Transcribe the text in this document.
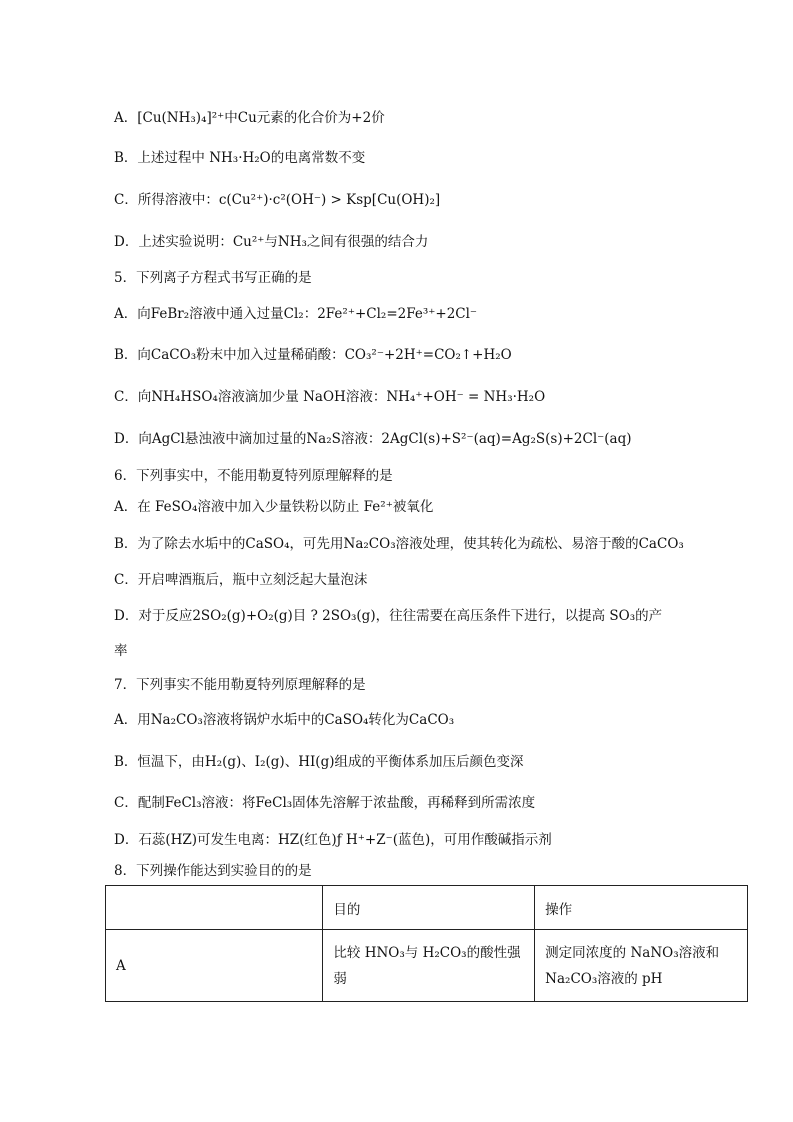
A．[Cu(NH₃)₄]²⁺中Cu元素的化合价为+2价
B．上述过程中 NH₃·H₂O的电离常数不变
C．所得溶液中：c(Cu²⁺)·c²(OH⁻) > Ksp[Cu(OH)₂]
D．上述实验说明：Cu²⁺与NH₃之间有很强的结合力
5．下列离子方程式书写正确的是
A．向FeBr₂溶液中通入过量Cl₂：2Fe²⁺+Cl₂=2Fe³⁺+2Cl⁻
B．向CaCO₃粉末中加入过量稀硝酸：CO₃²⁻+2H⁺=CO₂↑+H₂O
C．向NH₄HSO₄溶液滴加少量 NaOH溶液：NH₄⁺+OH⁻ = NH₃·H₂O
D．向AgCl悬浊液中滴加过量的Na₂S溶液：2AgCl(s)+S²⁻(aq)=Ag₂S(s)+2Cl⁻(aq)
6．下列事实中，不能用勒夏特列原理解释的是
A．在 FeSO₄溶液中加入少量铁粉以防止 Fe²⁺被氧化
B．为了除去水垢中的CaSO₄，可先用Na₂CO₃溶液处理，使其转化为疏松、易溶于酸的CaCO₃
C．开启啤酒瓶后，瓶中立刻泛起大量泡沫
D．对于反应2SO₂(g)+O₂(g)目 ? 2SO₃(g)，往往需要在高压条件下进行，以提高 SO₃的产
率
7．下列事实不能用勒夏特列原理解释的是
A．用Na₂CO₃溶液将锅炉水垢中的CaSO₄转化为CaCO₃
B．恒温下，由H₂(g)、I₂(g)、HI(g)组成的平衡体系加压后颜色变深
C．配制FeCl₃溶液：将FeCl₃固体先溶解于浓盐酸，再稀释到所需浓度
D．石蕊(HZ)可发生电离：HZ(红色)ƒ H⁺+Z⁻(蓝色)，可用作酸碱指示剂
8．下列操作能达到实验目的的是
	目的	操作
A	比较 HNO₃与 H₂CO₃的酸性强弱	测定同浓度的 NaNO₃溶液和
Na₂CO₃溶液的 pH
